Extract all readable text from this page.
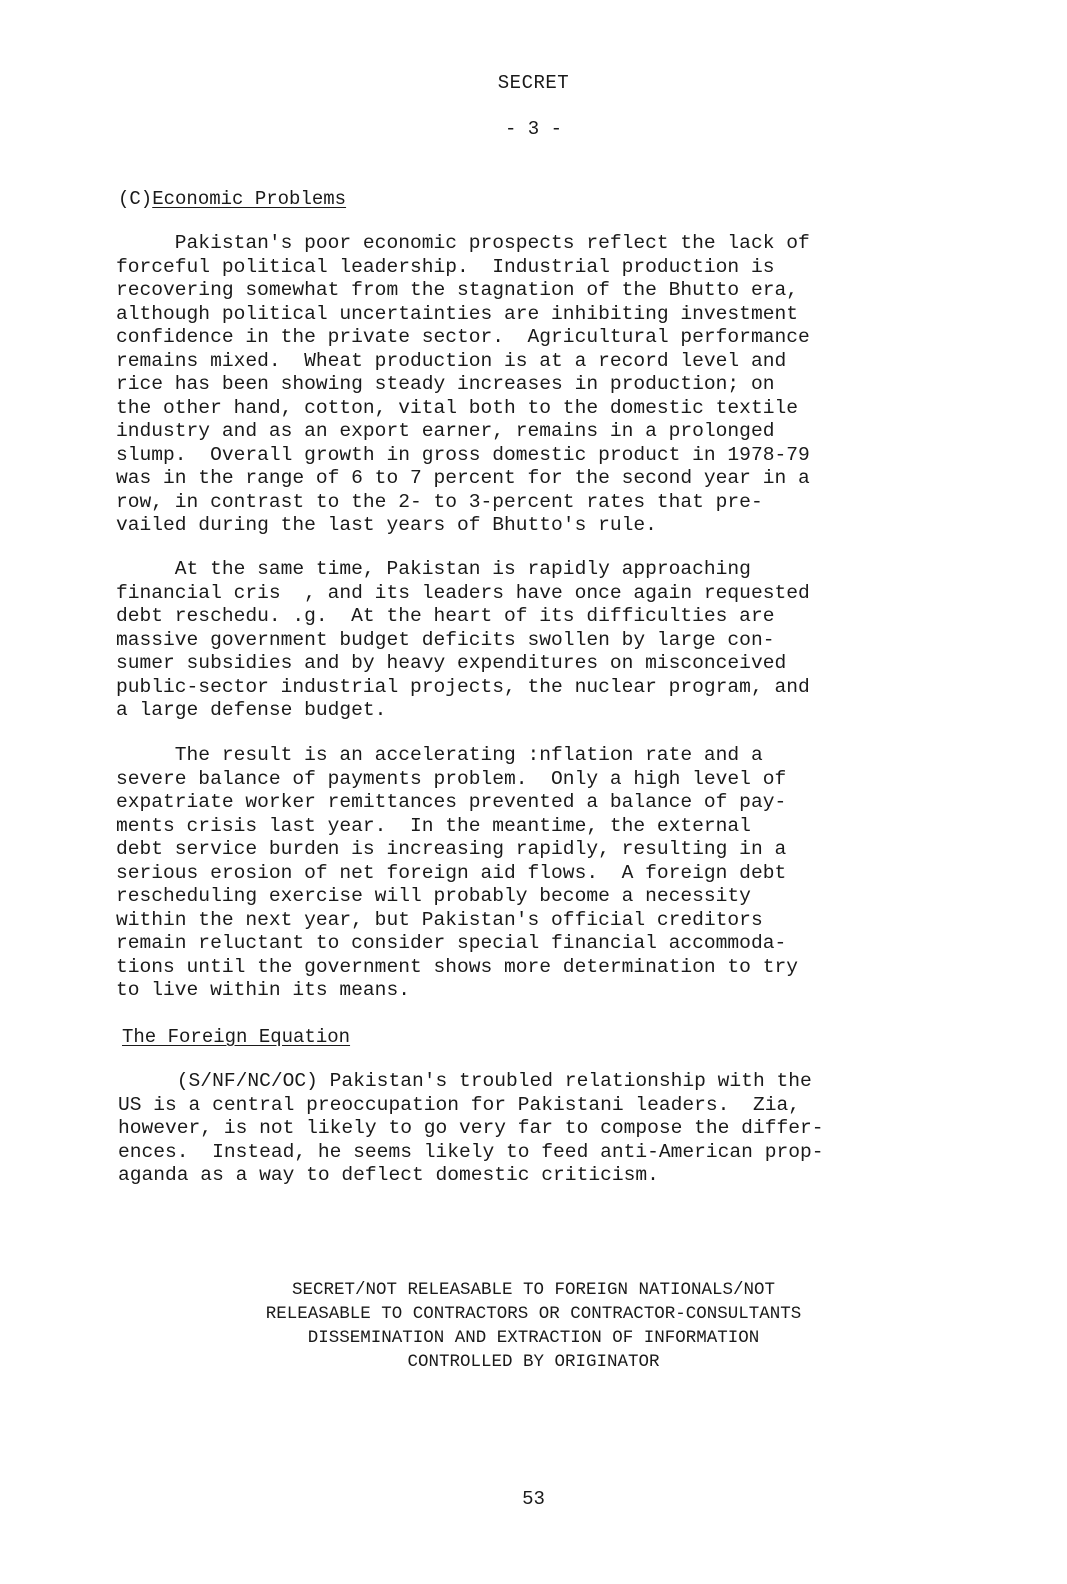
SECRET
- 3 -
(C)Economic Problems
Pakistan's poor economic prospects reflect the lack of
forceful political leadership.  Industrial production is
recovering somewhat from the stagnation of the Bhutto era,
although political uncertainties are inhibiting investment
confidence in the private sector.  Agricultural performance
remains mixed.  Wheat production is at a record level and
rice has been showing steady increases in production; on
the other hand, cotton, vital both to the domestic textile
industry and as an export earner, remains in a prolonged
slump.  Overall growth in gross domestic product in 1978-79
was in the range of 6 to 7 percent for the second year in a
row, in contrast to the 2- to 3-percent rates that pre-
vailed during the last years of Bhutto's rule.
At the same time, Pakistan is rapidly approaching
financial cris  , and its leaders have once again requested
debt reschedu. .g.  At the heart of its difficulties are
massive government budget deficits swollen by large con-
sumer subsidies and by heavy expenditures on misconceived
public-sector industrial projects, the nuclear program, and
a large defense budget.
The result is an accelerating :nflation rate and a
severe balance of payments problem.  Only a high level of
expatriate worker remittances prevented a balance of pay-
ments crisis last year.  In the meantime, the external
debt service burden is increasing rapidly, resulting in a
serious erosion of net foreign aid flows.  A foreign debt
rescheduling exercise will probably become a necessity
within the next year, but Pakistan's official creditors
remain reluctant to consider special financial accommoda-
tions until the government shows more determination to try
to live within its means.
The Foreign Equation
(S/NF/NC/OC) Pakistan's troubled relationship with the
US is a central preoccupation for Pakistani leaders.  Zia,
however, is not likely to go very far to compose the differ-
ences.  Instead, he seems likely to feed anti-American prop-
aganda as a way to deflect domestic criticism.
SECRET/NOT RELEASABLE TO FOREIGN NATIONALS/NOT
RELEASABLE TO CONTRACTORS OR CONTRACTOR-CONSULTANTS
DISSEMINATION AND EXTRACTION OF INFORMATION
CONTROLLED BY ORIGINATOR
53
